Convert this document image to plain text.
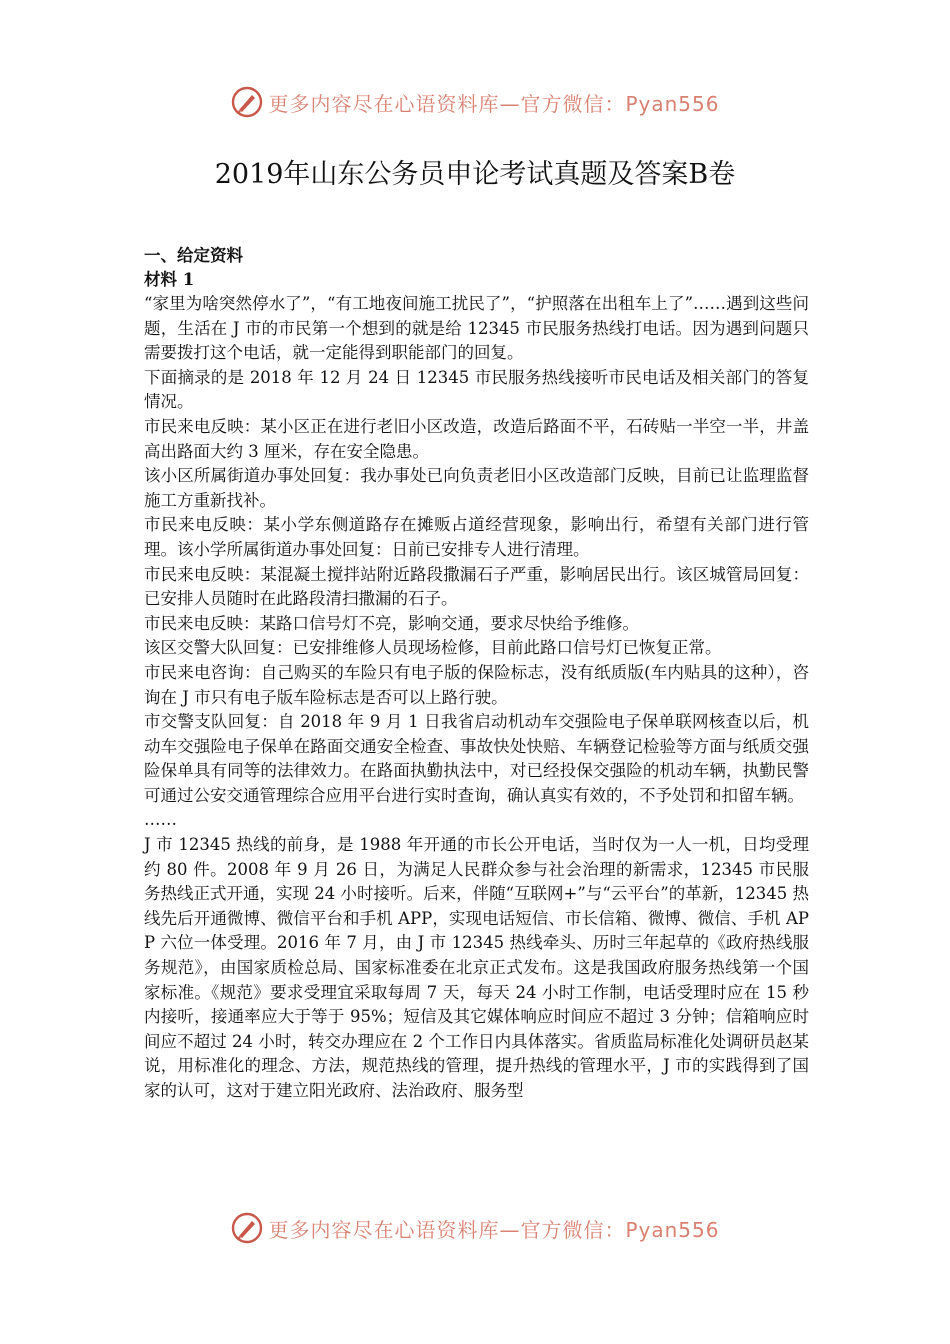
更多内容尽在心语资料库—官方微信：Pyan556
2019年山东公务员申论考试真题及答案B卷

一、给定资料

材料 1

“家里为啥突然停水了”，“有工地夜间施工扰民了”，“护照落在出租车上了”……遇到这些问题，生活在 J 市的市民第一个想到的就是给 12345 市民服务热线打电话。因为遇到问题只需要拨打这个电话，就一定能得到职能部门的回复。

下面摘录的是 2018 年 12 月 24 日 12345 市民服务热线接听市民电话及相关部门的答复情况。

市民来电反映：某小区正在进行老旧小区改造，改造后路面不平，石砖贴一半空一半，井盖高出路面大约 3 厘米，存在安全隐患。

该小区所属街道办事处回复：我办事处已向负责老旧小区改造部门反映，目前已让监理监督施工方重新找补。

市民来电反映：某小学东侧道路存在摊贩占道经营现象，影响出行，希望有关部门进行管理。该小学所属街道办事处回复：日前已安排专人进行清理。

市民来电反映：某混凝土搅拌站附近路段撒漏石子严重，影响居民出行。该区城管局回复：已安排人员随时在此路段清扫撒漏的石子。

市民来电反映：某路口信号灯不亮，影响交通，要求尽快给予维修。

该区交警大队回复：已安排维修人员现场检修，目前此路口信号灯已恢复正常。

市民来电咨询：自己购买的车险只有电子版的保险标志，没有纸质版(车内贴具的这种），咨询在 J 市只有电子版车险标志是否可以上路行驶。

市交警支队回复：自 2018 年 9 月 1 日我省启动机动车交强险电子保单联网核查以后，机动车交强险电子保单在路面交通安全检查、事故快处快赔、车辆登记检验等方面与纸质交强险保单具有同等的法律效力。在路面执勤执法中，对已经投保交强险的机动车辆，执勤民警可通过公安交通管理综合应用平台进行实时查询，确认真实有效的，不予处罚和扣留车辆。

……

J 市 12345 热线的前身，是 1988 年开通的市长公开电话，当时仅为一人一机，日均受理约 80 件。2008 年 9 月 26 日，为满足人民群众参与社会治理的新需求，12345 市民服务热线正式开通，实现 24 小时接听。后来，伴随“互联网+”与“云平台”的革新，12345 热线先后开通微博、微信平台和手机 APP，实现电话短信、市长信箱、微博、微信、手机 APP 六位一体受理。2016 年 7 月，由 J 市 12345 热线牵头、历时三年起草的《政府热线服务规范》，由国家质检总局、国家标准委在北京正式发布。这是我国政府服务热线第一个国家标准。《规范》要求受理宜采取每周 7 天，每天 24 小时工作制，电话受理时应在 15 秒内接听，接通率应大于等于 95%；短信及其它媒体响应时间应不超过 3 分钟；信箱响应时间应不超过 24 小时，转交办理应在 2 个工作日内具体落实。省质监局标准化处调研员赵某说，用标准化的理念、方法，规范热线的管理，提升热线的管理水平，J 市的实践得到了国家的认可，这对于建立阳光政府、法治政府、服务型

更多内容尽在心语资料库—官方微信：Pyan556
